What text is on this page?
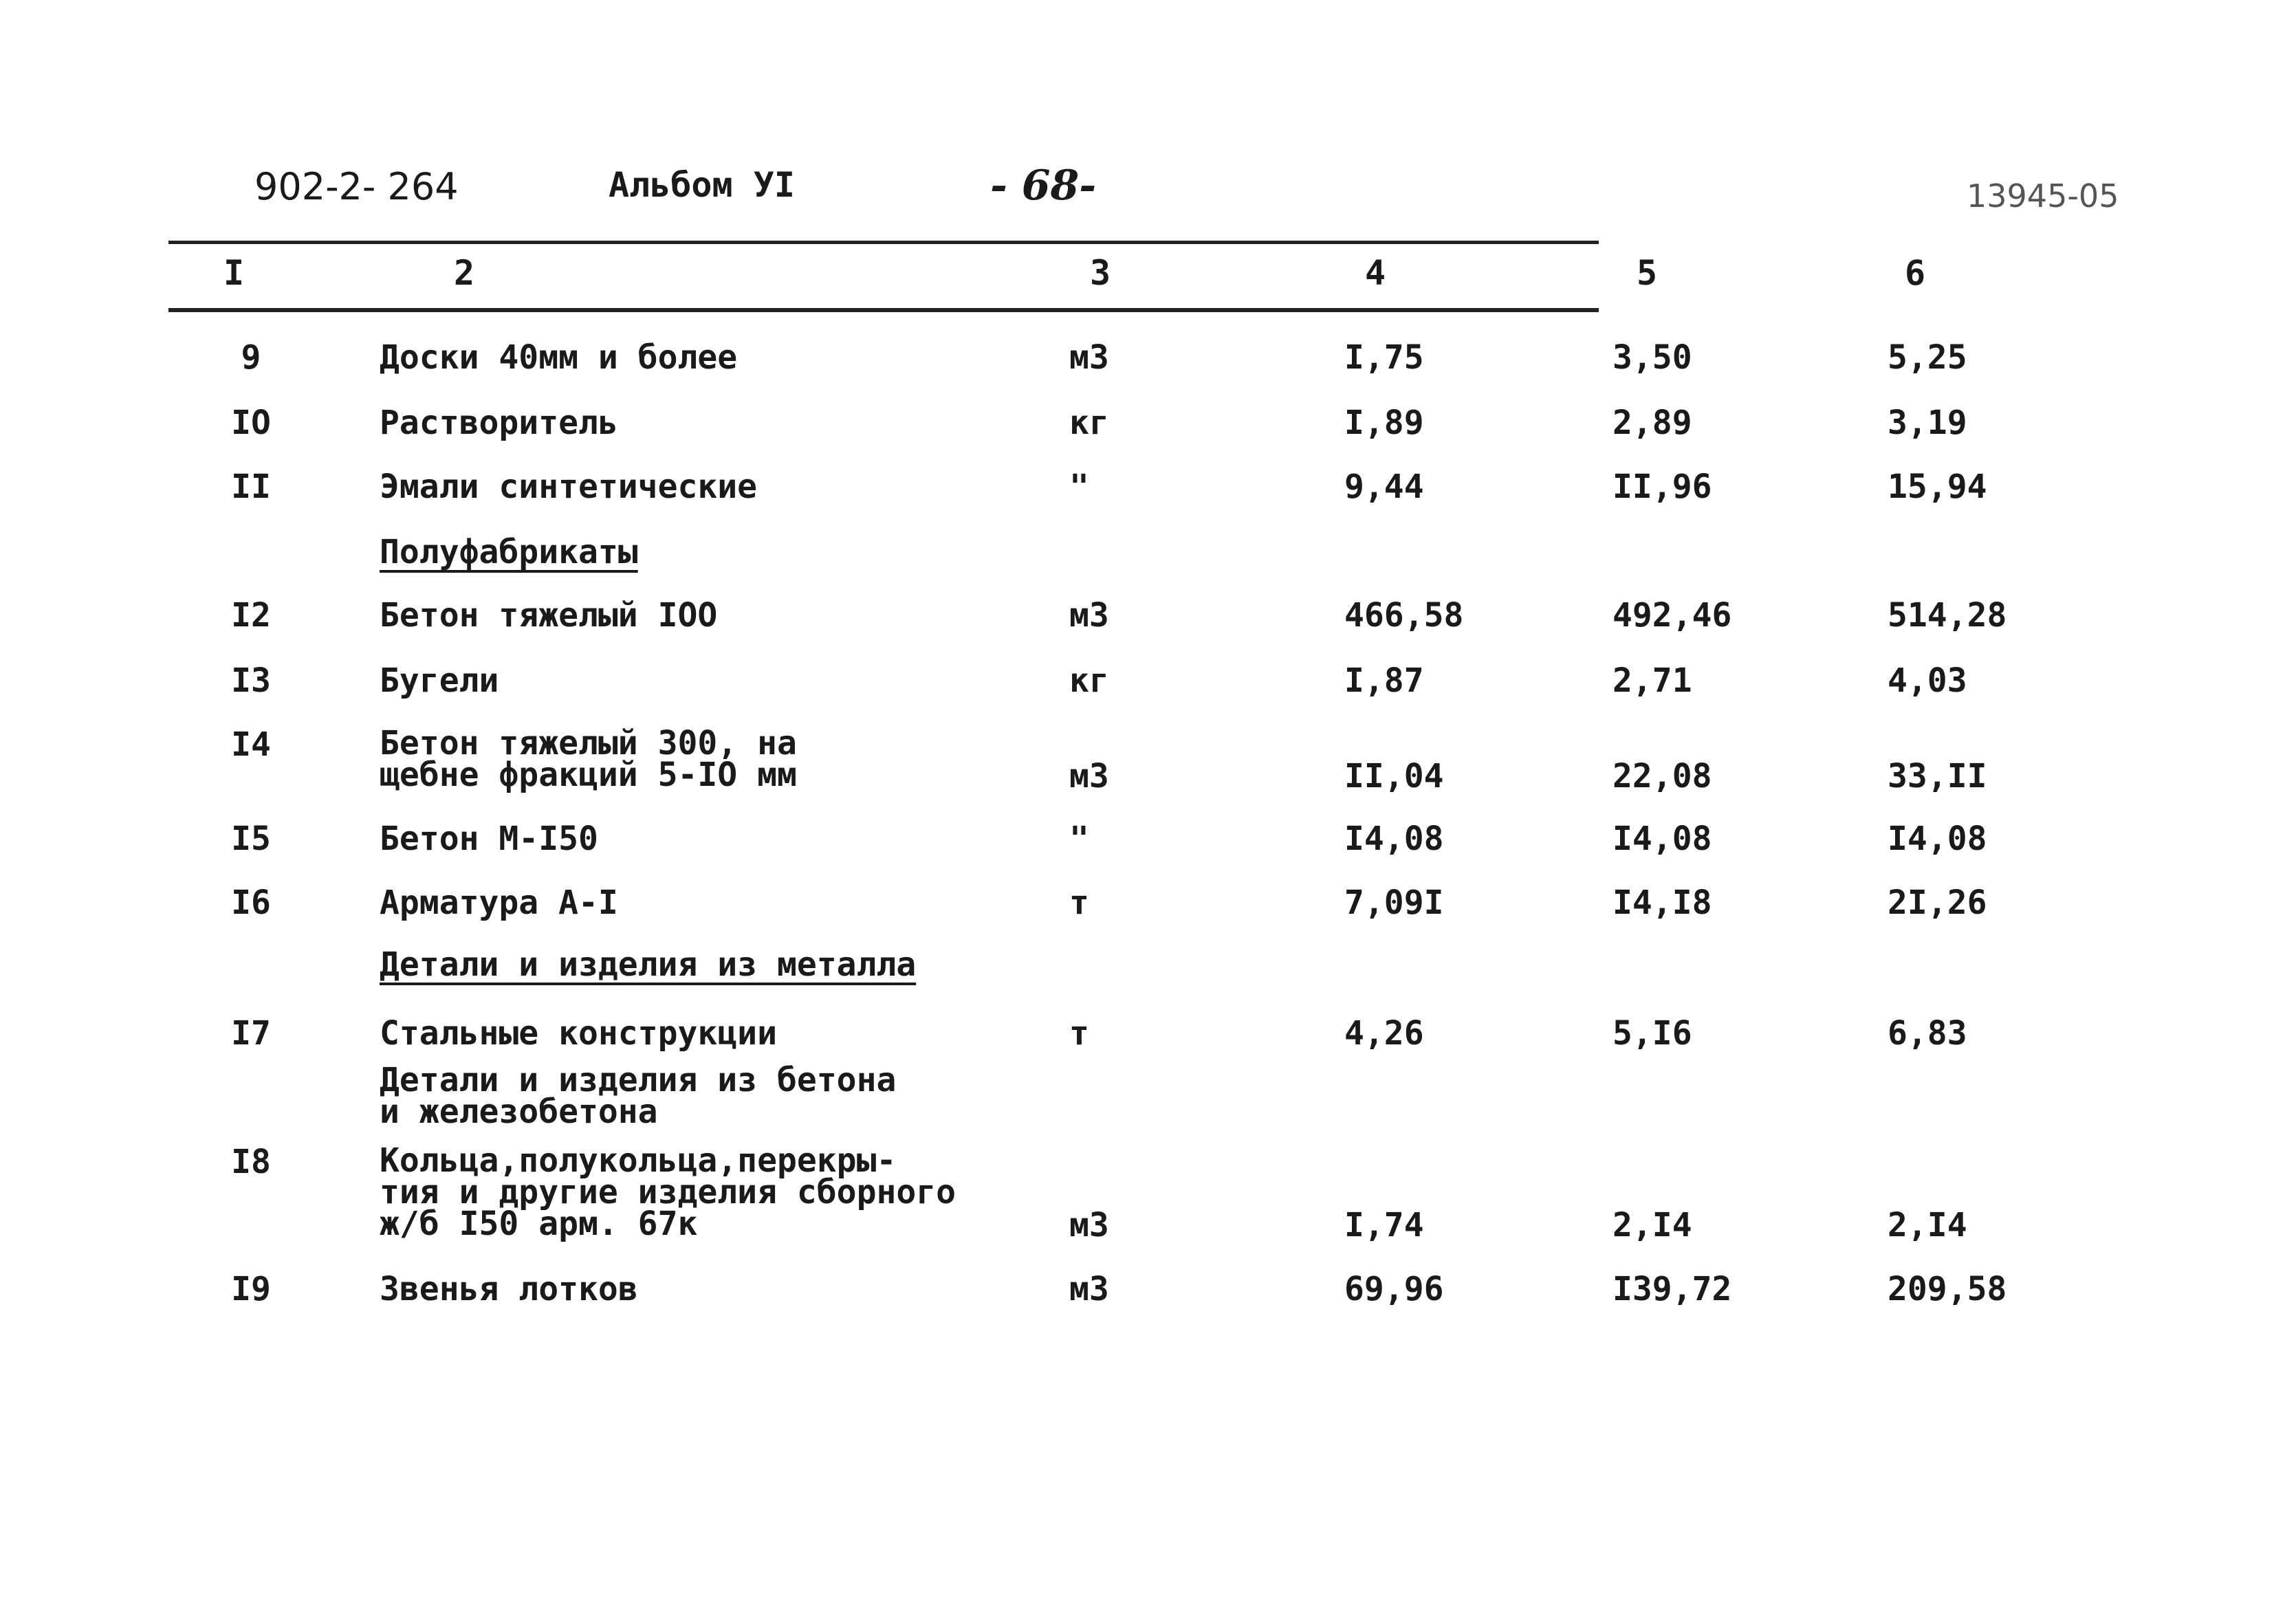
902-2- 264	Альбом УI	- 68-	13945-05
I	2	3	4	5	6
9	Доски 40мм и более	м3	I,75	3,50	5,25
IO	Растворитель	кг	I,89	2,89	3,19
II	Эмали синтетические	"	9,44	II,96	15,94
Полуфабрикаты
I2	Бетон тяжелый IOO	м3	466,58	492,46	514,28
I3	Бугели	кг	I,87	2,71	4,03
I4	Бетон тяжелый 300, на
щебне фракций 5-IO мм	м3	II,04	22,08	33,II
I5	Бетон М-I50	"	I4,08	I4,08	I4,08
I6	Арматура А-I	т	7,09I	I4,I8	2I,26
Детали и изделия из металла
I7	Стальные конструкции	т	4,26	5,I6	6,83
Детали и изделия из бетона
и железобетона
I8	Кольца,полукольца,перекры-
тия и другие изделия сборного
ж/б I50 арм. 67к	м3	I,74	2,I4	2,I4
I9	Звенья лотков	м3	69,96	I39,72	209,58
